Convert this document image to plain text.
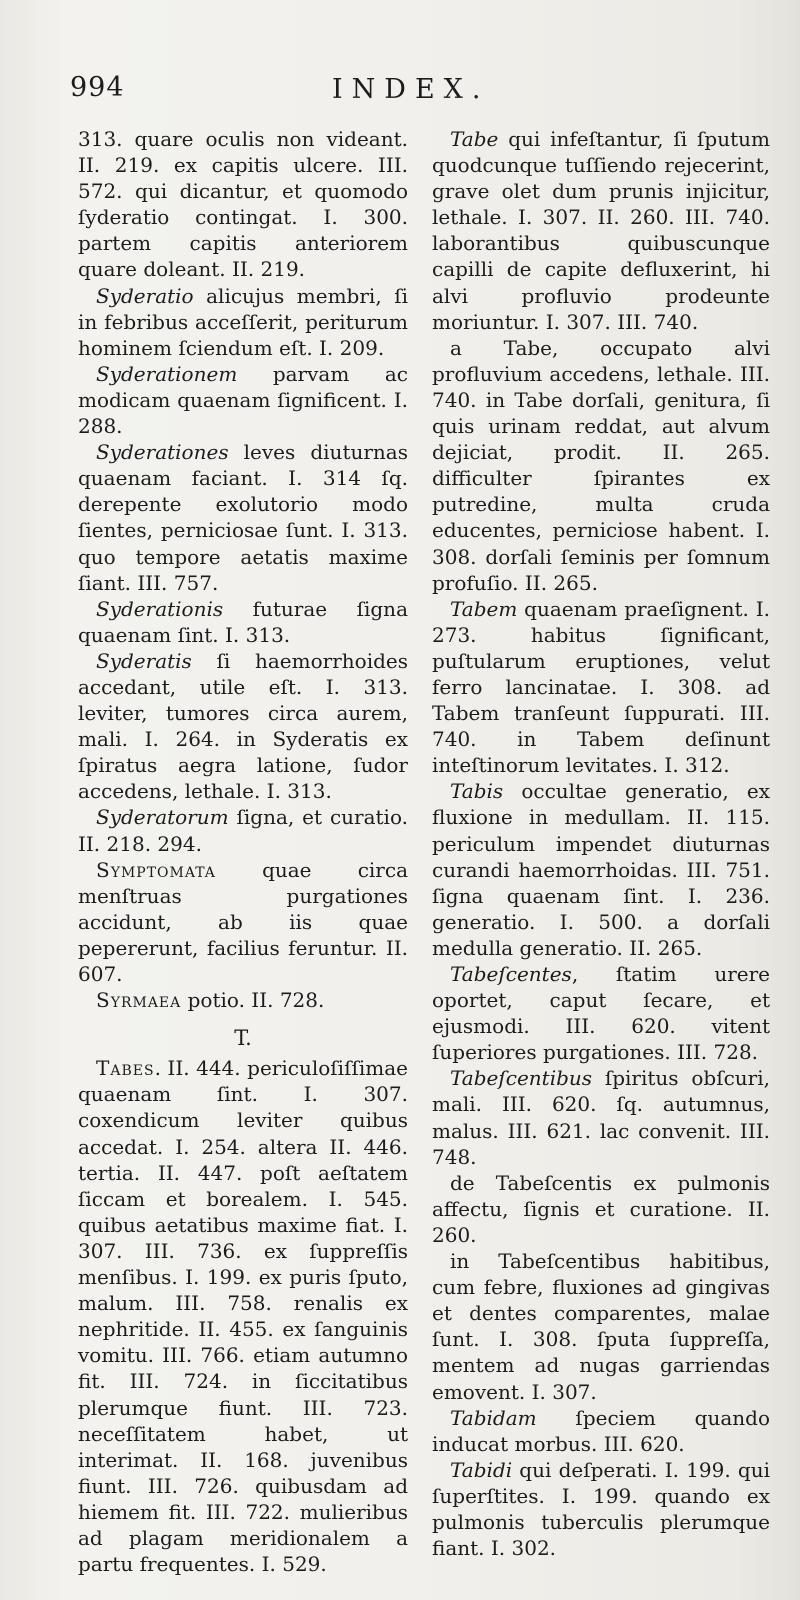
994	INDEX.

313. quare oculis non videant. II. 219. ex capitis ulcere. III. 572. qui dicantur, et quomodo ſyderatio contingat. I. 300. partem capitis anteriorem quare doleant. II. 219.

Syderatio alicujus membri, ſi in febribus acceſſerit, periturum hominem ſciendum eſt. I. 209.

Syderationem parvam ac modicam quaenam ſignificent. I. 288.

Syderationes leves diuturnas quaenam faciant. I. 314 ſq. derepente exolutorio modo ſientes, perniciosae ſunt. I. 313. quo tempore aetatis maxime ſiant. III. 757.

Syderationis futurae ſigna quaenam ſint. I. 313.

Syderatis ſi haemorrhoides accedant, utile eſt. I. 313. leviter, tumores circa aurem, mali. I. 264. in Syderatis ex ſpiratus aegra latione, ſudor accedens, lethale. I. 313.

Syderatorum ſigna, et curatio. II. 218. 294.

Symptomata quae circa menſtruas purgationes accidunt, ab iis quae pepererunt, facilius feruntur. II. 607.

Syrmaea potio. II. 728.

T.

Tabes. II. 444. periculoſiſſimae quaenam ſint. I. 307. coxendicum leviter quibus accedat. I. 254. altera II. 446. tertia. II. 447. poſt aeſtatem ſiccam et borealem. I. 545. quibus aetatibus maxime fiat. I. 307. III. 736. ex ſuppreſſis menſibus. I. 199. ex puris ſputo, malum. III. 758. renalis ex nephritide. II. 455. ex ſanguinis vomitu. III. 766. etiam autumno fit. III. 724. in ſiccitatibus plerumque fiunt. III. 723. neceſſitatem habet, ut interimat. II. 168. juvenibus fiunt. III. 726. quibusdam ad hiemem fit. III. 722. mulieribus ad plagam meridionalem a partu frequentes. I. 529.

Tabe qui infeſtantur, ſi ſputum quodcunque tuſſiendo rejecerint, grave olet dum prunis injicitur, lethale. I. 307. II. 260. III. 740. laborantibus quibuscunque capilli de capite defluxerint, hi alvi profluvio prodeunte moriuntur. I. 307. III. 740.

a Tabe, occupato alvi profluvium accedens, lethale. III. 740. in Tabe dorſali, genitura, ſi quis urinam reddat, aut alvum dejiciat, prodit. II. 265. difficulter ſpirantes ex putredine, multa cruda educentes, perniciose habent. I. 308. dorſali ſeminis per ſomnum profuſio. II. 265.

Tabem quaenam praeſignent. I. 273. habitus ſignificant, puſtularum eruptiones, velut ferro lancinatae. I. 308. ad Tabem tranſeunt ſuppurati. III. 740. in Tabem deſinunt inteſtinorum levitates. I. 312.

Tabis occultae generatio, ex fluxione in medullam. II. 115. periculum impendet diuturnas curandi haemorrhoidas. III. 751. ſigna quaenam ſint. I. 236. generatio. I. 500. a dorſali medulla generatio. II. 265.

Tabeſcentes, ſtatim urere oportet, caput ſecare, et ejusmodi. III. 620. vitent ſuperiores purgationes. III. 728.

Tabeſcentibus ſpiritus obſcuri, mali. III. 620. ſq. autumnus, malus. III. 621. lac convenit. III. 748.

de Tabeſcentis ex pulmonis affectu, ſignis et curatione. II. 260.

in Tabeſcentibus habitibus, cum febre, fluxiones ad gingivas et dentes comparentes, malae ſunt. I. 308. ſputa ſuppreſſa, mentem ad nugas garriendas emovent. I. 307.

Tabidam ſpeciem quando inducat morbus. III. 620.

Tabidi qui deſperati. I. 199. qui ſuperſtites. I. 199. quando ex pulmonis tuberculis plerumque fiant. I. 302.
